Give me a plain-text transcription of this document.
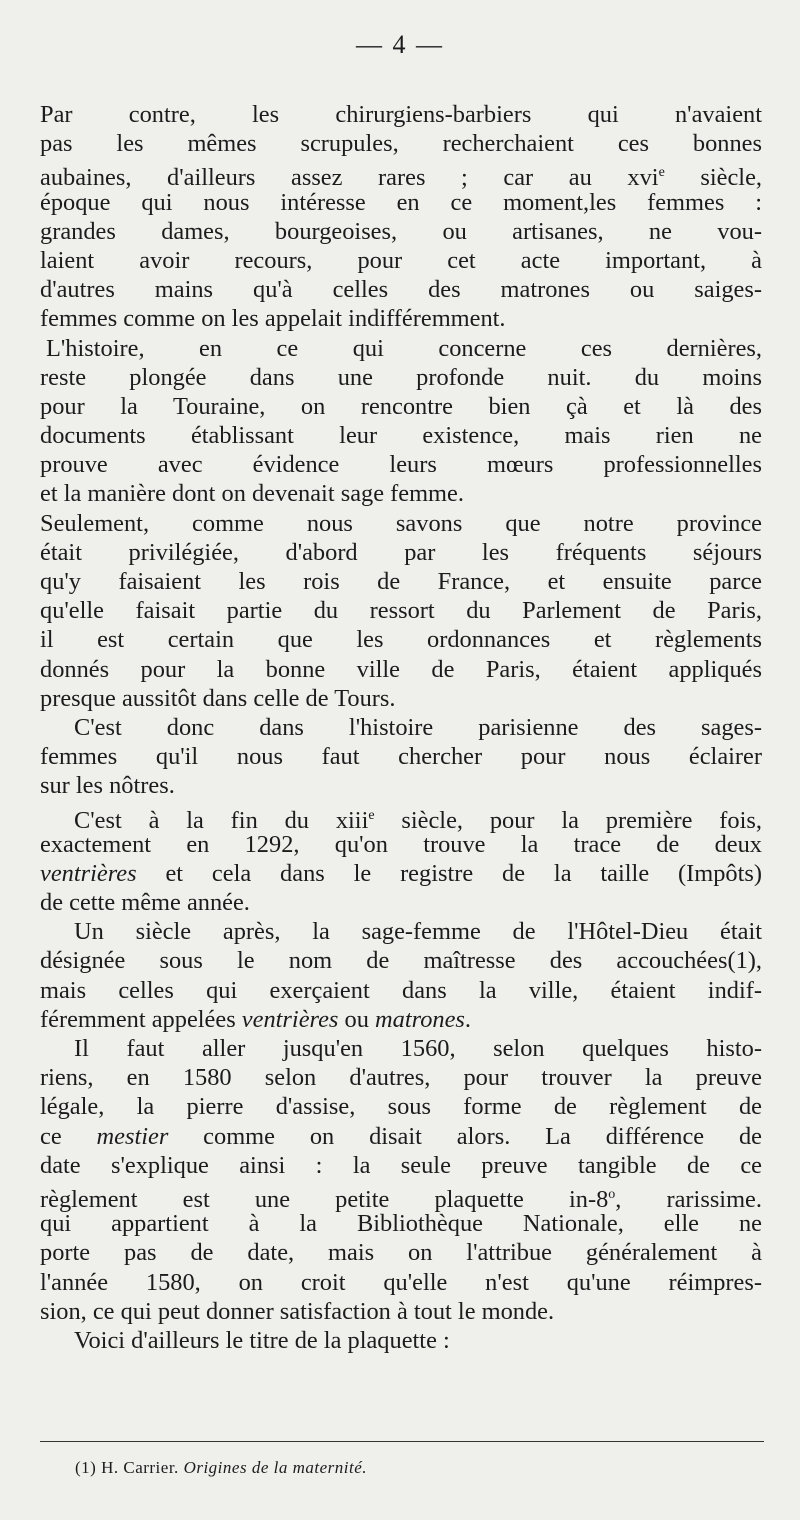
— 4 —
Par contre, les chirurgiens-barbiers qui n'avaient
pas les mêmes scrupules, recherchaient ces bonnes
aubaines, d'ailleurs assez rares ; car au xvi$^e$ siècle,
époque qui nous intéresse en ce moment,les femmes :
grandes dames, bourgeoises, ou artisanes, ne vou-
laient avoir recours, pour cet acte important, à
d'autres mains qu'à celles des matrones ou saiges-
femmes comme on les appelait indifféremment.
L'histoire, en ce qui concerne ces dernières,
reste plongée dans une profonde nuit. du moins
pour la Touraine, on rencontre bien çà et là des
documents établissant leur existence, mais rien ne
prouve avec évidence leurs mœurs professionnelles
et la manière dont on devenait sage femme.
Seulement, comme nous savons que notre province
était privilégiée, d'abord par les fréquents séjours
qu'y faisaient les rois de France, et ensuite parce
qu'elle faisait partie du ressort du Parlement de Paris,
il est certain que les ordonnances et règlements
donnés pour la bonne ville de Paris, étaient appliqués
presque aussitôt dans celle de Tours.
C'est donc dans l'histoire parisienne des sages-
femmes qu'il nous faut chercher pour nous éclairer
sur les nôtres.
C'est à la fin du xiii$^e$ siècle, pour la première fois,
exactement en 1292, qu'on trouve la trace de deux
ventrières et cela dans le registre de la taille (Impôts)
de cette même année.
Un siècle après, la sage-femme de l'Hôtel-Dieu était
désignée sous le nom de maîtresse des accouchées(1),
mais celles qui exerçaient dans la ville, étaient indif-
féremment appelées ventrières ou matrones.
Il faut aller jusqu'en 1560, selon quelques histo-
riens, en 1580 selon d'autres, pour trouver la preuve
légale, la pierre d'assise, sous forme de règlement de
ce mestier comme on disait alors. La différence de
date s'explique ainsi : la seule preuve tangible de ce
règlement est une petite plaquette in-8$^o$, rarissime.
qui appartient à la Bibliothèque Nationale, elle ne
porte pas de date, mais on l'attribue généralement à
l'année 1580, on croit qu'elle n'est qu'une réimpres-
sion, ce qui peut donner satisfaction à tout le monde.
Voici d'ailleurs le titre de la plaquette :
(1) H. Carrier. Origines de la maternité.
